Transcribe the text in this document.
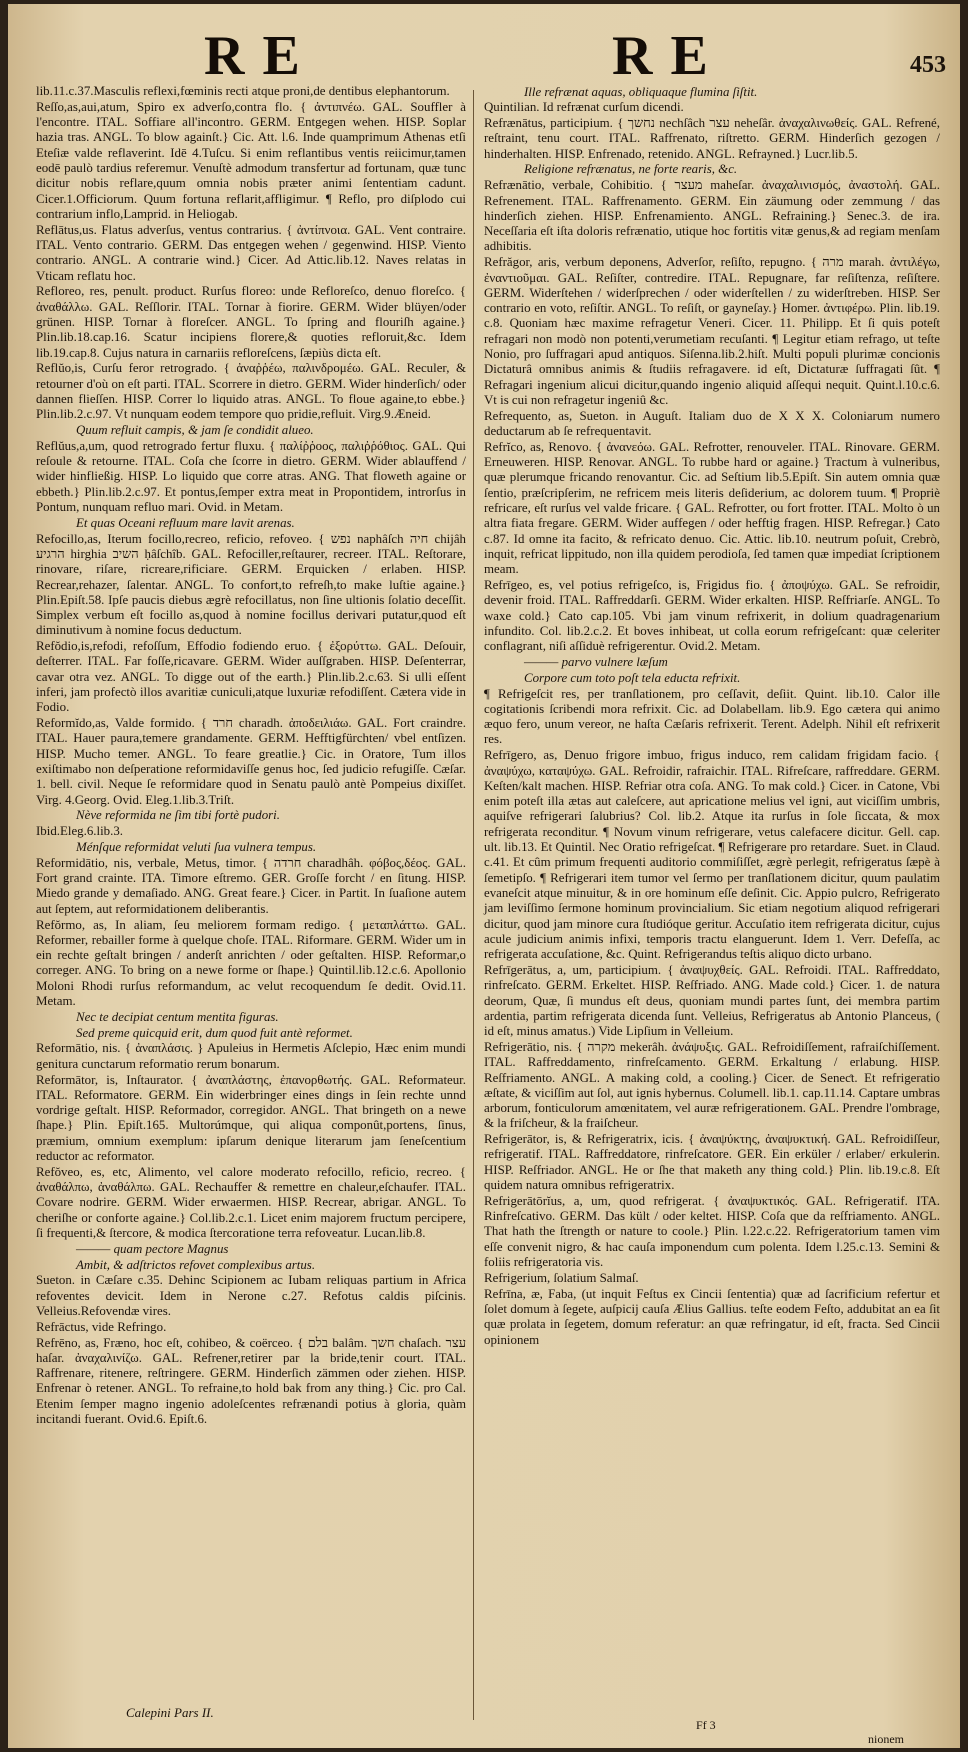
RE	RE	453
lib.11.c.37.Masculis reflexi,fœminis recti atque proni,de dentibus elephantorum.
Reſſo,as,aui,atum, Spiro ex adverſo,contra flo. { ἀντιπνέω. GAL. Souffler à l'encontre. ITAL. Soffiare all'incontro. GERM. Entgegen wehen. HISP. Soplar hazia tras. ANGL. To blow againſt.} Cic. Att. l.6. Inde quamprimum Athenas etſi Eteſiæ valde reflaverint. Idē 4.Tuſcu. Si enim reflantibus ventis reiicimur,tamen eodē paulò tardius referemur. Venuſtè admodum transfertur ad fortunam, quæ tunc dicitur nobis reflare,quum omnia nobis præter animi ſententiam cadunt. Cicer.1.Officiorum. Quum fortuna reflarit,affligimur. ¶ Reflo, pro diſplodo cui contrarium inflo,Lamprid. in Heliogab.
Reflātus,us. Flatus adverſus, ventus contrarius. { ἀντίπνοια. GAL. Vent contraire. ITAL. Vento contrario. GERM. Das entgegen wehen / gegenwind. HISP. Viento contrario. ANGL. A contrarie wind.} Cicer. Ad Attic.lib.12. Naves relatas in Vticam reflatu hoc.
Refloreo, res, penult. product. Rurſus floreo: unde Refloreſco, denuo floreſco. { ἀναθάλλω. GAL. Reſſlorir. ITAL. Tornar à fiorire. GERM. Wider blüyen/oder grünen. HISP. Tornar à floreſcer. ANGL. To ſpring and flouriſh againe.} Plin.lib.18.cap.16. Scatur incipiens florere,& quoties refloruit,&c. Idem lib.19.cap.8. Cujus natura in carnariis refloreſcens, ſæpiùs dicta eſt.
Reflŭo,is, Curſu feror retrogrado. { ἀναῤῥέω, παλινδρομέω. GAL. Reculer, & retourner d'où on eſt parti. ITAL. Scorrere in dietro. GERM. Wider hinderſich/ oder dannen flieſſen. HISP. Correr lo liquido atras. ANGL. To floue againe,to ebbe.} Plin.lib.2.c.97. Vt nunquam eodem tempore quo pridie,refluit. Virg.9.Æneid.
Quum refluit campis, & jam ſe condidit alueo.
Reflŭus,a,um, quod retrogrado fertur fluxu. { παλίῤῥοος, παλιῤῥόθιος. GAL. Qui reſoule & retourne. ITAL. Coſa che ſcorre in dietro. GERM. Wider ablauffend / wider hinfließig. HISP. Lo liquido que corre atras. ANG. That floweth againe or ebbeth.} Plin.lib.2.c.97. Et pontus,ſemper extra meat in Propontidem, introrſus in Pontum, nunquam refluo mari. Ovid. in Metam.
Et quas Oceani refluum mare lavit arenas.
Refocillo,as, Iterum focillo,recreo, reficio, refoveo. { נפש naphâſch חיה chijâh הרגיע hirghia השיב ḥâſchîb. GAL. Refociller,reſtaurer, recreer. ITAL. Reſtorare, rinovare, riſare, ricreare,rificiare. GERM. Erquicken / erlaben. HISP. Recrear,rehazer, ſalentar. ANGL. To confort,to refreſh,to make luſtie againe.} Plin.Epiſt.58. Ipſe paucis diebus ægrè refocillatus, non ſine ultionis ſolatio deceſſit. Simplex verbum eſt focillo as,quod à nomine focillus derivari putatur,quod eſt diminutivum à nomine focus deductum.
Refŏdio,is,refodi, refoſſum, Effodio fodiendo eruo. { ἐξορύττω. GAL. Deſouir, deſterrer. ITAL. Far foſſe,ricavare. GERM. Wider auſſgraben. HISP. Deſenterrar, cavar otra vez. ANGL. To digge out of the earth.} Plin.lib.2.c.63. Si ulli eſſent inferi, jam profectò illos avaritiæ cuniculi,atque luxuriæ refodiſſent. Cætera vide in Fodio.
Reformĭdo,as, Valde formido. { חרד charadh. ἀποδειλιάω. GAL. Fort craindre. ITAL. Hauer paura,temere grandamente. GERM. Hefftigfürchten/ vbel entſizen. HISP. Mucho temer. ANGL. To feare greatlie.} Cic. in Oratore, Tum illos exiſtimabo non deſperatione reformidaviſſe genus hoc, ſed judicio refugiſſe. Cæſar. 1. bell. civil. Neque ſe reformidare quod in Senatu paulò antè Pompeius dixiſſet. Virg. 4.Georg. Ovid. Eleg.1.lib.3.Triſt.
Nève reformida ne ſim tibi fortè pudori.
Ibid.Eleg.6.lib.3.
Ménſque reformidat veluti ſua vulnera tempus.
Reformidātio, nis, verbale, Metus, timor. { חרדה charadhâh. φόβος,δέος. GAL. Fort grand crainte. ITA. Timore eſtremo. GER. Groſſe forcht / en ſitung. HISP. Miedo grande y demaſiado. ANG. Great feare.} Cicer. in Partit. In ſuaſione autem aut ſeptem, aut reformidationem deliberantis.
Refŏrmo, as, In aliam, ſeu meliorem formam redigo. { μεταπλάττω. GAL. Reformer, rebailler forme à quelque choſe. ITAL. Riformare. GERM. Wider um in ein rechte geſtalt bringen / anderſt anrichten / oder geſtalten. HISP. Reformar,o correger. ANG. To bring on a newe forme or ſhape.} Quintil.lib.12.c.6. Apollonio Moloni Rhodi rurſus reformandum, ac velut recoquendum ſe dedit. Ovid.11. Metam.
Nec te decipiat centum mentita figuras.
Sed preme quicquid erit, dum quod fuit antè reformet.
Reformātio, nis. { ἀναπλάσις. } Apuleius in Hermetis Aſclepio, Hæc enim mundi genitura cunctarum reformatio rerum bonarum.
Reformātor, is, Inſtaurator. { ἀναπλάστης, ἐπανορθωτής. GAL. Reformateur. ITAL. Reformatore. GERM. Ein widerbringer eines dings in ſein rechte unnd vordrige geſtalt. HISP. Reformador, corregidor. ANGL. That bringeth on a newe ſhape.} Plin. Epiſt.165. Multorúmque, qui aliqua componût,portens, ſinus, præmium, omnium exemplum: ipſarum denique literarum jam ſeneſcentium reductor ac reformator.
Refŏveo, es, etc, Alimento, vel calore moderato refocillo, reficio, recreo. { ἀναθάλπω, ἀναθάλπω. GAL. Rechauffer & remettre en chaleur,eſchaufer. ITAL. Covare nodrire. GERM. Wider erwaermen. HISP. Recrear, abrigar. ANGL. To cheriſhe or conforte againe.} Col.lib.2.c.1. Licet enim majorem fructum percipere, ſi frequenti,& ſtercore, & modica ſtercoratione terra refoveatur. Lucan.lib.8.
——— quam pectore Magnus
Ambit, & adſtrictos refovet complexibus artus.
Sueton. in Cæſare c.35. Dehinc Scipionem ac Iubam reliquas partium in Africa refoventes devicit. Idem in Nerone c.27. Refotus caldis piſcinis. Velleius.Refovendæ vires.
Refrāctus, vide Refringo.
Refrēno, as, Fræno, hoc eſt, cohibeo, & coërceo. { בלם balâm. חשך chaſach. עצר haſar. ἀναχαλινίζω. GAL. Refrener,retirer par la bride,tenir court. ITAL. Raffrenare, ritenere, reſtringere. GERM. Hinderſich zämmen oder ziehen. HISP. Enfrenar ò retener. ANGL. To refraine,to hold bak from any thing.} Cic. pro Cal. Etenim ſemper magno ingenio adoleſcentes refrænandi potius à gloria, quàm incitandi fuerant. Ovid.6. Epiſt.6.
Ille refrænat aquas, obliquaque flumina ſiſtit.
Quintilian. Id refrænat curſum dicendi.
Refrænātus, participium. { נחשך nechſâch עצר neheſâr. ἀναχαλινωθείς. GAL. Refrené, reſtraint, tenu court. ITAL. Raffrenato, riſtretto. GERM. Hinderſich gezogen / hinderhalten. HISP. Enfrenado, retenido. ANGL. Refrayned.} Lucr.lib.5.
Religione refrænatus, ne forte rearis, &c.
Refrænātio, verbale, Cohibitio. { מעצר maheſar. ἀναχαλινισμός, ἀναστολή. GAL. Refrenement. ITAL. Raffrenamento. GERM. Ein zäumung oder zemmung / das hinderſich ziehen. HISP. Enfrenamiento. ANGL. Refraining.} Senec.3. de ira. Neceſſaria eſt iſta doloris refrænatio, utique hoc fortitis vitæ genus,& ad regiam menſam adhibitis.
Refrăgor, aris, verbum deponens, Adverſor, reſiſto, repugno. { מרה marah. ἀντιλέγω, ἐναντιοῦμαι. GAL. Reſiſter, contredire. ITAL. Repugnare, far reſiſtenza, reſiſtere. GERM. Widerſtehen / widerſprechen / oder widerſtellen / zu widerſtreben. HISP. Ser contrario en voto, reſiſtir. ANGL. To reſiſt, or gayneſay.} Homer. ἀντιφέρω. Plin. lib.19. c.8. Quoniam hæc maxime refragetur Veneri. Cicer. 11. Philipp. Et ſi quis poteſt refragari non modò non potenti,verumetiam recuſanti. ¶ Legitur etiam refrago, ut teſte Nonio, pro ſuffragari apud antiquos. Siſenna.lib.2.hiſt. Multi populi plurimæ concionis Dictaturâ omnibus animis & ſtudiis refragavere. id eſt, Dictaturæ ſuffragati ſût. ¶ Refragari ingenium alicui dicitur,quando ingenio aliquid aſſequi nequit. Quint.l.10.c.6. Vt is cui non refragetur ingeniû &c.
Refrequento, as, Sueton. in Auguſt. Italiam duo de X X X. Coloniarum numero deductarum ab ſe refrequentavit.
Refrĭco, as, Renovo. { ἀνανεόω. GAL. Refrotter, renouveler. ITAL. Rinovare. GERM. Erneuweren. HISP. Renovar. ANGL. To rubbe hard or againe.} Tractum à vulneribus, quæ plerumque fricando renovantur. Cic. ad Seſtium lib.5.Epiſt. Sin autem omnia quæ ſentio, præſcripſerim, ne refricem meis literis deſiderium, ac dolorem tuum. ¶ Propriè refricare, eſt rurſus vel valde fricare. { GAL. Refrotter, ou fort frotter. ITAL. Molto ò un altra fiata fregare. GERM. Wider auffegen / oder hefftig fragen. HISP. Refregar.} Cato c.87. Id omne ita facito, & refricato denuo. Cic. Attic. lib.10. neutrum poſuit, Crebrò, inquit, refricat lippitudo, non illa quidem perodioſa, ſed tamen quæ impediat ſcriptionem meam.
Refrīgeo, es, vel potius refrigeſco, is, Frigidus fio. { ἀποψύχω. GAL. Se refroidir, devenir froid. ITAL. Raffreddarſi. GERM. Wider erkalten. HISP. Reſfriarſe. ANGL. To waxe cold.} Cato cap.105. Vbi jam vinum refrixerit, in dolium quadragenarium infundito. Col. lib.2.c.2. Et boves inhibeat, ut colla eorum refrigeſcant: quæ celeriter conflagrant, niſi aſſiduè refrigerentur. Ovid.2. Metam.
——— parvo vulnere læſum
Corpore cum toto poſt tela educta refrixit.
¶ Refrigeſcit res, per tranſlationem, pro ceſſavit, deſiit. Quint. lib.10. Calor ille cogitationis ſcribendi mora refrixit. Cic. ad Dolabellam. lib.9. Ego cætera qui animo æquo fero, unum vereor, ne haſta Cæſaris refrixerit. Terent. Adelph. Nihil eſt refrixerit res.
Refrīgero, as, Denuo frigore imbuo, frigus induco, rem calidam frigidam facio. { ἀναψύχω, καταψύχω. GAL. Refroidir, rafraichir. ITAL. Rifreſcare, raffreddare. GERM. Keſten/kalt machen. HISP. Refriar otra coſa. ANG. To mak cold.} Cicer. in Catone, Vbi enim poteſt illa ætas aut caleſcere, aut apricatione melius vel igni, aut viciſſim umbris, aquiſve refrigerari ſalubrius? Col. lib.2. Atque ita rurſus in ſole ſiccata, & mox refrigerata reconditur. ¶ Novum vinum refrigerare, vetus calefacere dicitur. Gell. cap. ult. lib.13. Et Quintil. Nec Oratio refrigeſcat. ¶ Refrigerare pro retardare. Suet. in Claud. c.41. Et cûm primum frequenti auditorio commiſiſſet, ægrè perlegit, refrigeratus ſæpè à ſemetipſo. ¶ Refrigerari item tumor vel ſermo per tranſlationem dicitur, quum paulatim evaneſcit atque minuitur, & in ore hominum eſſe deſinit. Cic. Appio pulcro, Refrigerato jam leviſſimo ſermone hominum provincialium. Sic etiam negotium aliquod refrigerari dicitur, quod jam minore cura ſtudióque geritur. Accuſatio item refrigerata dicitur, cujus acule judicium animis infixi, temporis tractu elanguerunt. Idem 1. Verr. Defeſſa, ac refrigerata accuſatione, &c. Quint. Refrigerandus teſtis aliquo dicto urbano.
Refrīgerātus, a, um, participium. { ἀναψυχθείς. GAL. Refroidi. ITAL. Raffreddato, rinfreſcato. GERM. Erkeltet. HISP. Reſfriado. ANG. Made cold.} Cicer. 1. de natura deorum, Quæ, ſi mundus eſt deus, quoniam mundi partes ſunt, dei membra partim ardentia, partim refrigerata dicenda ſunt. Velleius, Refrigeratus ab Antonio Planceus, ( id eſt, minus amatus.) Vide Lipſium in Velleium.
Refrigerātio, nis. { מקרה mekerâh. ἀνάψυξις. GAL. Refroidiſſement, rafraiſchiſſement. ITAL. Raffreddamento, rinfreſcamento. GERM. Erkaltung / erlabung. HISP. Reſfriamento. ANGL. A making cold, a cooling.} Cicer. de Seneƈt. Et refrigeratio æſtate, & viciſſim aut ſol, aut ignis hybernus. Columell. lib.1. cap.11.14. Captare umbras arborum, fonticulorum amœnitatem, vel auræ refrigerationem. GAL. Prendre l'ombrage, & la friſcheur, & la fraiſcheur.
Refrigerātor, is, & Refrigeratrix, icis. { ἀναψύκτης, ἀναψυκτική. GAL. Refroidiſſeur, refrigeratif. ITAL. Raffreddatore, rinfreſcatore. GER. Ein erküler / erlaber/ erkulerin. HISP. Reſfriador. ANGL. He or ſhe that maketh any thing cold.} Plin. lib.19.c.8. Eſt quidem natura omnibus refrigeratrix.
Refrigerātōrĭus, a, um, quod refrigerat. { ἀναψυκτικός. GAL. Refrigeratif. ITA. Rinfreſcativo. GERM. Das kült / oder keltet. HISP. Coſa que da reſfriamento. ANGL. That hath the ſtrength or nature to coole.} Plin. l.22.c.22. Refrigeratorium tamen vim eſſe convenit nigro, & hac cauſa imponendum cum polenta. Idem l.25.c.13. Semini & foliis refrigeratoria vis.
Refrigerium, ſolatium Salmaſ.
Refrīna, æ, Faba, (ut inquit Feſtus ex Cincii ſententia) quæ ad ſacrificium refertur et ſolet domum à ſegete, auſpicij cauſa Ælius Gallius. teſte eodem Feſto, addubitat an ea ſit quæ prolata in ſegetem, domum referatur: an quæ refringatur, id eſt, fracta. Sed Cincii opinionem
Calepini Pars II.
Ff 3
nionem
